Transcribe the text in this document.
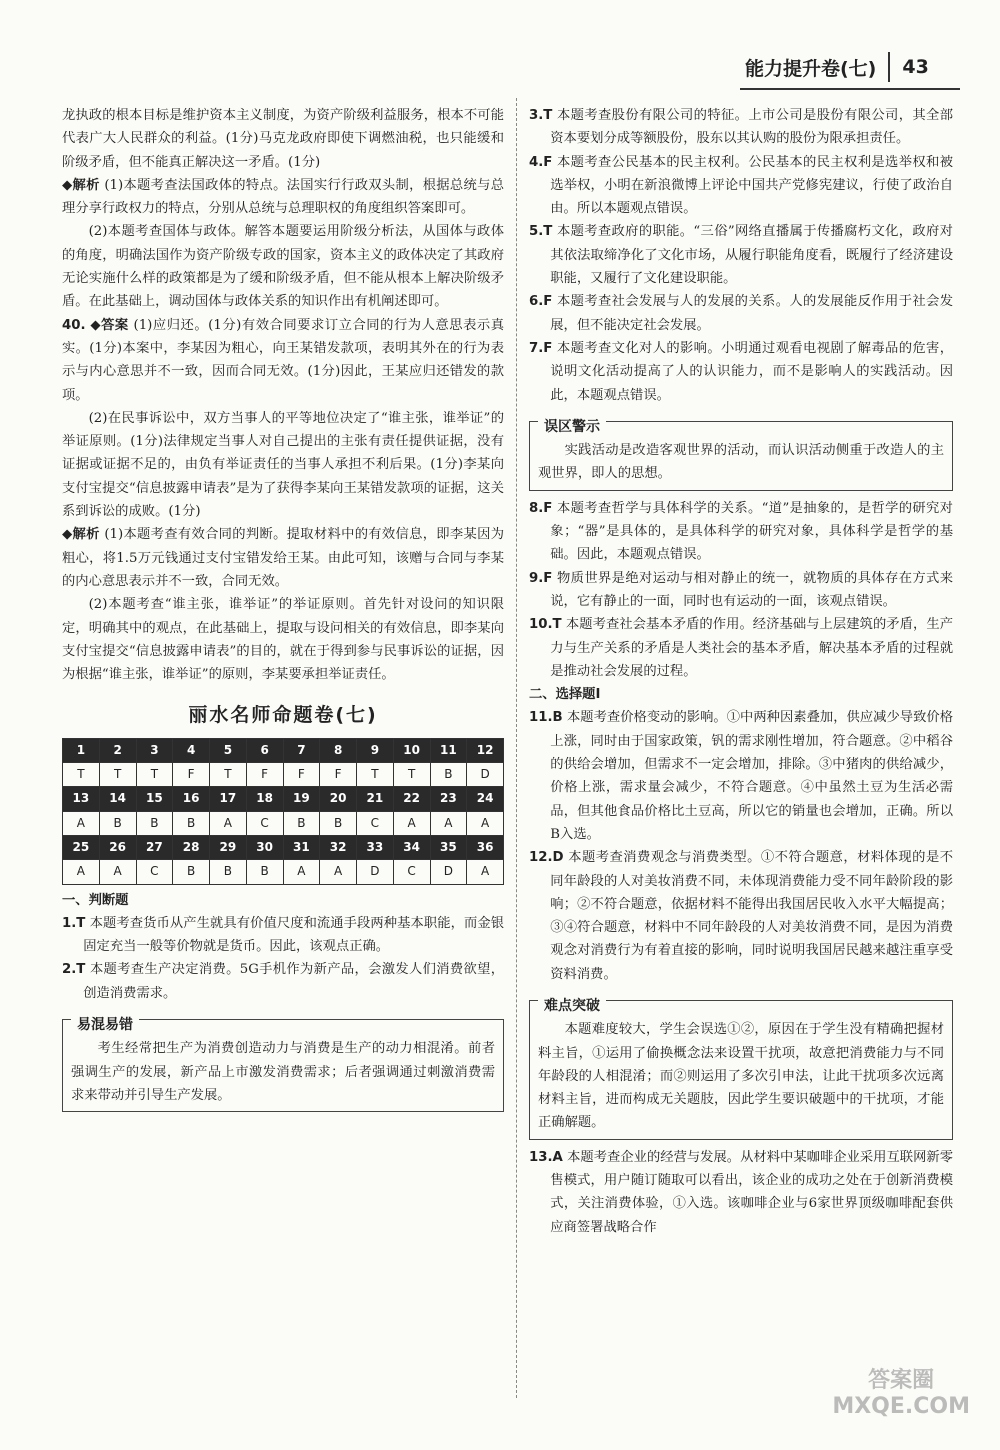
能力提升卷(七) 43

龙执政的根本目标是维护资本主义制度，为资产阶级利益服务，根本不可能代表广大人民群众的利益。(1分)马克龙政府即使下调燃油税，也只能缓和阶级矛盾，但不能真正解决这一矛盾。(1分)

◆解析 (1)本题考查法国政体的特点。法国实行行政双头制，根据总统与总理分享行政权力的特点，分别从总统与总理职权的角度组织答案即可。

(2)本题考查国体与政体。解答本题要运用阶级分析法，从国体与政体的角度，明确法国作为资产阶级专政的国家，资本主义的政体决定了其政府无论实施什么样的政策都是为了缓和阶级矛盾，但不能从根本上解决阶级矛盾。在此基础上，调动国体与政体关系的知识作出有机阐述即可。

40. ◆答案 (1)应归还。(1分)有效合同要求订立合同的行为人意思表示真实。(1分)本案中，李某因为粗心，向王某错发款项，表明其外在的行为表示与内心意思并不一致，因而合同无效。(1分)因此，王某应归还错发的款项。

(2)在民事诉讼中，双方当事人的平等地位决定了“谁主张，谁举证”的举证原则。(1分)法律规定当事人对自己提出的主张有责任提供证据，没有证据或证据不足的，由负有举证责任的当事人承担不利后果。(1分)李某向支付宝提交“信息披露申请表”是为了获得李某向王某错发款项的证据，这关系到诉讼的成败。(1分)

◆解析 (1)本题考查有效合同的判断。提取材料中的有效信息，即李某因为粗心，将1.5万元钱通过支付宝错发给王某。由此可知，该赠与合同与李某的内心意思表示并不一致，合同无效。

(2)本题考查“谁主张，谁举证”的举证原则。首先针对设问的知识限定，明确其中的观点，在此基础上，提取与设问相关的有效信息，即李某向支付宝提交“信息披露申请表”的目的，就在于得到参与民事诉讼的证据，因为根据“谁主张，谁举证”的原则，李某要承担举证责任。

丽水名师命题卷(七)
1	2	3	4	5	6	7	8	9	10	11	12
T	T	T	F	T	F	F	F	T	T	B	D
13	14	15	16	17	18	19	20	21	22	23	24
A	B	B	B	A	C	B	B	C	A	A	A
25	26	27	28	29	30	31	32	33	34	35	36
A	A	C	B	B	B	A	A	D	C	D	A

一、判断题

1.T 本题考查货币从产生就具有价值尺度和流通手段两种基本职能，而金银固定充当一般等价物就是货币。因此，该观点正确。

2.T 本题考查生产决定消费。5G手机作为新产品，会激发人们消费欲望，创造消费需求。

易混易错

考生经常把生产为消费创造动力与消费是生产的动力相混淆。前者强调生产的发展，新产品上市激发消费需求；后者强调通过刺激消费需求来带动并引导生产发展。

3.T 本题考查股份有限公司的特征。上市公司是股份有限公司，其全部资本要划分成等额股份，股东以其认购的股份为限承担责任。

4.F 本题考查公民基本的民主权利。公民基本的民主权利是选举权和被选举权，小明在新浪微博上评论中国共产党修宪建议，行使了政治自由。所以本题观点错误。

5.T 本题考查政府的职能。“三俗”网络直播属于传播腐朽文化，政府对其依法取缔净化了文化市场，从履行职能角度看，既履行了经济建设职能，又履行了文化建设职能。

6.F 本题考查社会发展与人的发展的关系。人的发展能反作用于社会发展，但不能决定社会发展。

7.F 本题考查文化对人的影响。小明通过观看电视剧了解毒品的危害，说明文化活动提高了人的认识能力，而不是影响人的实践活动。因此，本题观点错误。

误区警示

实践活动是改造客观世界的活动，而认识活动侧重于改造人的主观世界，即人的思想。

8.F 本题考查哲学与具体科学的关系。“道”是抽象的，是哲学的研究对象；“器”是具体的，是具体科学的研究对象，具体科学是哲学的基础。因此，本题观点错误。

9.F 物质世界是绝对运动与相对静止的统一，就物质的具体存在方式来说，它有静止的一面，同时也有运动的一面，该观点错误。

10.T 本题考查社会基本矛盾的作用。经济基础与上层建筑的矛盾，生产力与生产关系的矛盾是人类社会的基本矛盾，解决基本矛盾的过程就是推动社会发展的过程。

二、选择题Ⅰ

11.B 本题考查价格变动的影响。①中两种因素叠加，供应减少导致价格上涨，同时由于国家政策，钒的需求刚性增加，符合题意。②中稻谷的供给会增加，但需求不一定会增加，排除。③中猪肉的供给减少，价格上涨，需求量会减少，不符合题意。④中虽然土豆为生活必需品，但其他食品价格比土豆高，所以它的销量也会增加，正确。所以B入选。

12.D 本题考查消费观念与消费类型。①不符合题意，材料体现的是不同年龄段的人对美妆消费不同，未体现消费能力受不同年龄阶段的影响；②不符合题意，依据材料不能得出我国居民收入水平大幅提高；③④符合题意，材料中不同年龄段的人对美妆消费不同，是因为消费观念对消费行为有着直接的影响，同时说明我国居民越来越注重享受资料消费。

难点突破

本题难度较大，学生会误选①②，原因在于学生没有精确把握材料主旨，①运用了偷换概念法来设置干扰项，故意把消费能力与不同年龄段的人相混淆；而②则运用了多次引申法，让此干扰项多次远离材料主旨，进而构成无关题肢，因此学生要识破题中的干扰项，才能正确解题。

13.A 本题考查企业的经营与发展。从材料中某咖啡企业采用互联网新零售模式，用户随订随取可以看出，该企业的成功之处在于创新消费模式，关注消费体验，①入选。该咖啡企业与6家世界顶级咖啡配套供应商签署战略合作

答案圈
MXQE.COM
